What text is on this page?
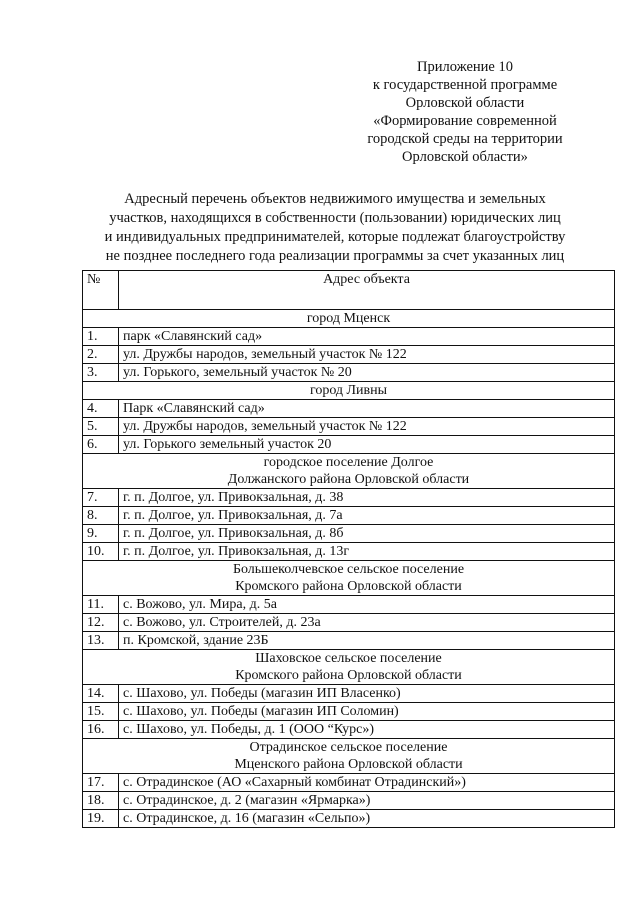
Приложение 10
к государственной программе
Орловской области
«Формирование современной
городской среды на территории
Орловской области»
Адресный перечень объектов недвижимого имущества и земельных
участков, находящихся в собственности (пользовании) юридических лиц
и индивидуальных предпринимателей, которые подлежат благоустройству
не позднее последнего года реализации программы за счет указанных лиц
№	Адрес объекта

город Мценск	

1.	парк «Славянский сад»
2.	ул. Дружбы народов, земельный участок № 122
3.	ул. Горького, земельный участок № 20

город Ливны	

4.	Парк «Славянский сад»
5.	ул. Дружбы народов, земельный участок № 122
6.	ул. Горького земельный участок 20

городское поселение Долгое
Должанского района Орловской области	

7.	г. п. Долгое, ул. Привокзальная, д. 38
8.	г. п. Долгое, ул. Привокзальная, д. 7а
9.	г. п. Долгое, ул. Привокзальная, д. 8б
10.	г. п. Долгое, ул. Привокзальная, д. 13г

Большеколчевское сельское поселение
Кромского района Орловской области	

11.	с. Вожово, ул. Мира, д. 5а
12.	с. Вожово, ул. Строителей, д. 23а
13.	п. Кромской, здание 23Б

Шаховское сельское поселение
Кромского района Орловской области	

14.	с. Шахово, ул. Победы (магазин ИП Власенко)
15.	с. Шахово, ул. Победы (магазин ИП Соломин)
16.	с. Шахово, ул. Победы, д. 1 (ООО “Курс»)

Отрадинское сельское поселение
Мценского района Орловской области	

17.	с. Отрадинское (АО «Сахарный комбинат Отрадинский»)
18.	с. Отрадинское, д. 2 (магазин «Ярмарка»)
19.	с. Отрадинское, д. 16 (магазин «Сельпо»)
